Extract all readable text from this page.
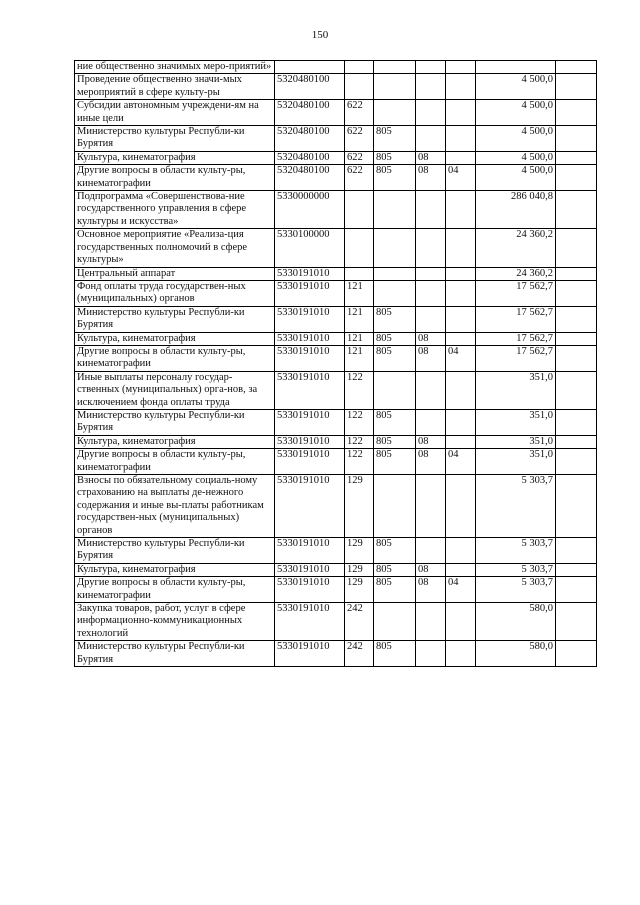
150
ние общественно значимых меро-приятий»							
Проведение общественно значи-мых мероприятий в сфере культу-ры	5320480100					4 500,0	
Субсидии автономным учреждени-ям на иные цели	5320480100	622				4 500,0	
Министерство культуры Республи-ки Бурятия	5320480100	622	805			4 500,0	
Культура, кинематография	5320480100	622	805	08		4 500,0	
Другие вопросы в области культу-ры, кинематографии	5320480100	622	805	08	04	4 500,0	
Подпрограмма «Совершенствова-ние государственного управления в сфере культуры и искусства»	5330000000					286 040,8	
Основное мероприятие «Реализа-ция государственных полномочий в сфере культуры»	5330100000					24 360,2	
Центральный аппарат	5330191010					24 360,2	
Фонд оплаты труда государствен-ных (муниципальных) органов	5330191010	121				17 562,7	
Министерство культуры Республи-ки Бурятия	5330191010	121	805			17 562,7	
Культура, кинематография	5330191010	121	805	08		17 562,7	
Другие вопросы в области культу-ры, кинематографии	5330191010	121	805	08	04	17 562,7	
Иные выплаты персоналу государ-ственных (муниципальных) орга-нов, за исключением фонда оплаты труда	5330191010	122				351,0	
Министерство культуры Республи-ки Бурятия	5330191010	122	805			351,0	
Культура, кинематография	5330191010	122	805	08		351,0	
Другие вопросы в области культу-ры, кинематографии	5330191010	122	805	08	04	351,0	
Взносы по обязательному социаль-ному страхованию на выплаты де-нежного содержания и иные вы-платы работникам государствен-ных (муниципальных) органов	5330191010	129				5 303,7	
Министерство культуры Республи-ки Бурятия	5330191010	129	805			5 303,7	
Культура, кинематография	5330191010	129	805	08		5 303,7	
Другие вопросы в области культу-ры, кинематографии	5330191010	129	805	08	04	5 303,7	
Закупка товаров, работ, услуг в сфере информационно-коммуникационных технологий	5330191010	242				580,0	
Министерство культуры Республи-ки Бурятия	5330191010	242	805			580,0	
